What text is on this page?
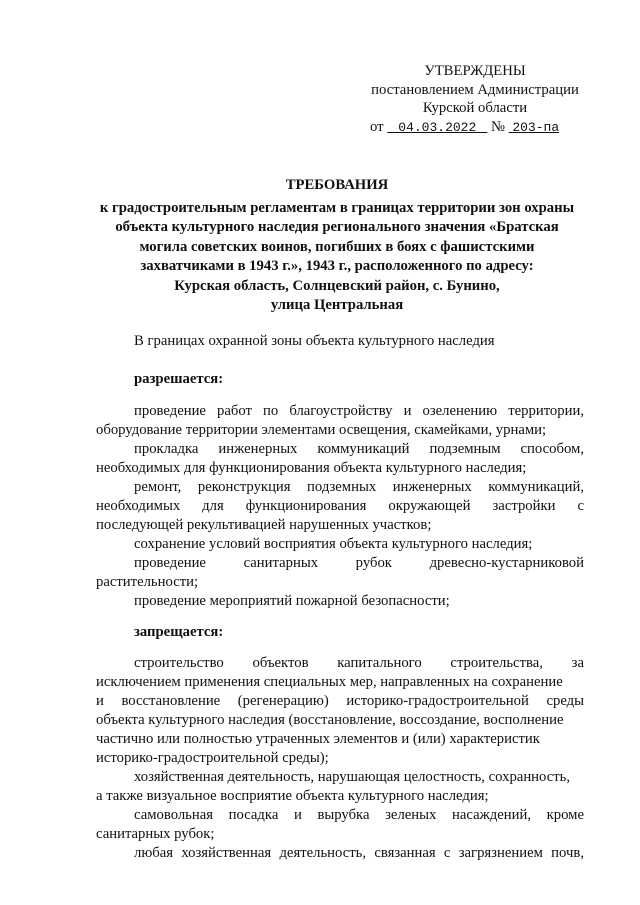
УТВЕРЖДЕНЫ
постановлением Администрации
Курской области
от 04.03.2022 № 203-па
ТРЕБОВАНИЯ
к градостроительным регламентам в границах территории зон охраны
объекта культурного наследия регионального значения «Братская
могила советских воинов, погибших в боях с фашистскими
захватчиками в 1943 г.», 1943 г., расположенного по адресу:
Курская область, Солнцевский район, с. Бунино,
улица Центральная
В границах охранной зоны объекта культурного наследия
разрешается:
проведение работ по благоустройству и озеленению территории,
оборудование территории элементами освещения, скамейками, урнами;
прокладка инженерных коммуникаций подземным способом,
необходимых для функционирования объекта культурного наследия;
ремонт, реконструкция подземных инженерных коммуникаций,
необходимых для функционирования окружающей застройки с
последующей рекультивацией нарушенных участков;
сохранение условий восприятия объекта культурного наследия;
проведение санитарных рубок древесно-кустарниковой
растительности;
проведение мероприятий пожарной безопасности;
запрещается:
строительство объектов капитального строительства, за
исключением применения специальных мер, направленных на сохранение
и восстановление (регенерацию) историко-градостроительной среды
объекта культурного наследия (восстановление, воссоздание, восполнение
частично или полностью утраченных элементов и (или) характеристик
историко-градостроительной среды);
хозяйственная деятельность, нарушающая целостность, сохранность,
а также визуальное восприятие объекта культурного наследия;
самовольная посадка и вырубка зеленых насаждений, кроме
санитарных рубок;
любая хозяйственная деятельность, связанная с загрязнением почв,
